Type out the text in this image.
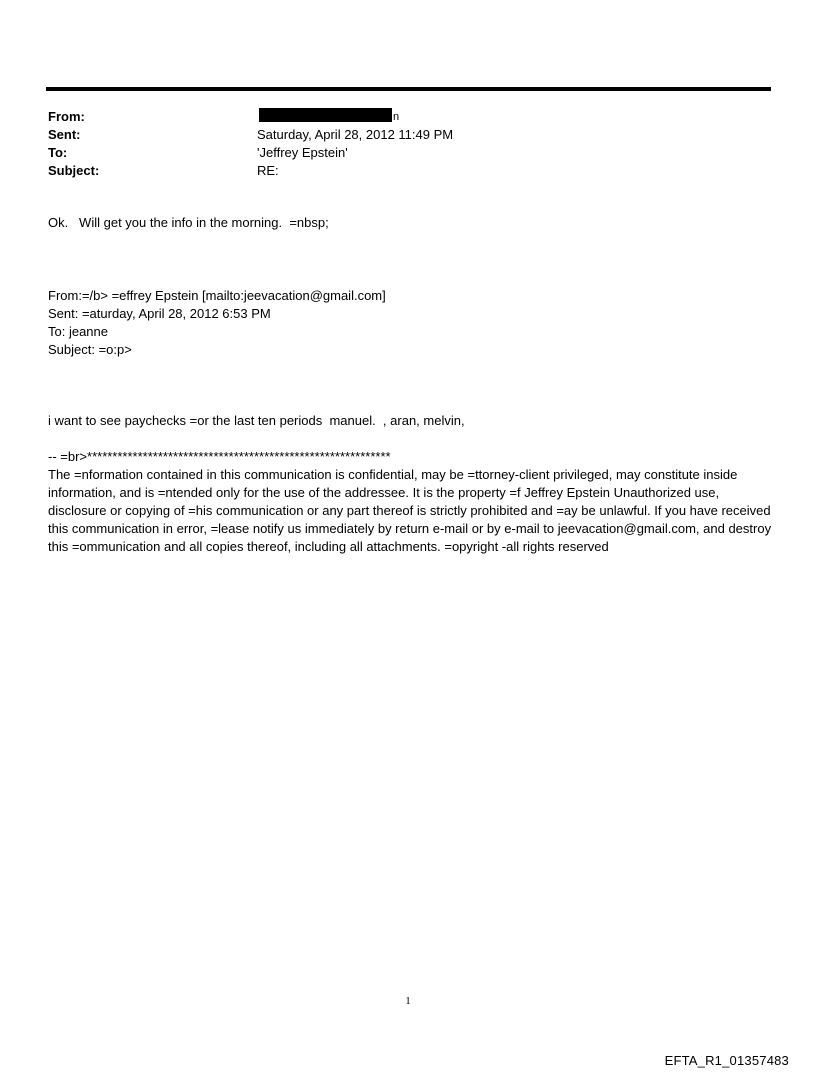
From:	n
Sent:	Saturday, April 28, 2012 11:49 PM
To:	'Jeffrey Epstein'
Subject:	RE:
Ok.   Will get you the info in the morning.  =nbsp;
From:=/b> =effrey Epstein [mailto:jeevacation@gmail.com]
Sent: =aturday, April 28, 2012 6:53 PM
To: jeanne
Subject: =o:p>
i want to see paychecks =or the last ten periods  manuel.  , aran, melvin,
-- =br>************************************************************
The =nformation contained in this communication is confidential, may be =ttorney-client privileged, may constitute inside information, and is =ntended only for the use of the addressee. It is the property =f Jeffrey Epstein Unauthorized use, disclosure or copying of =his communication or any part thereof is strictly prohibited and =ay be unlawful. If you have received this communication in error, =lease notify us immediately by return e-mail or by e-mail to jeevacation@gmail.com, and destroy this =ommunication and all copies thereof, including all attachments. =opyright -all rights reserved
1
EFTA_R1_01357483
